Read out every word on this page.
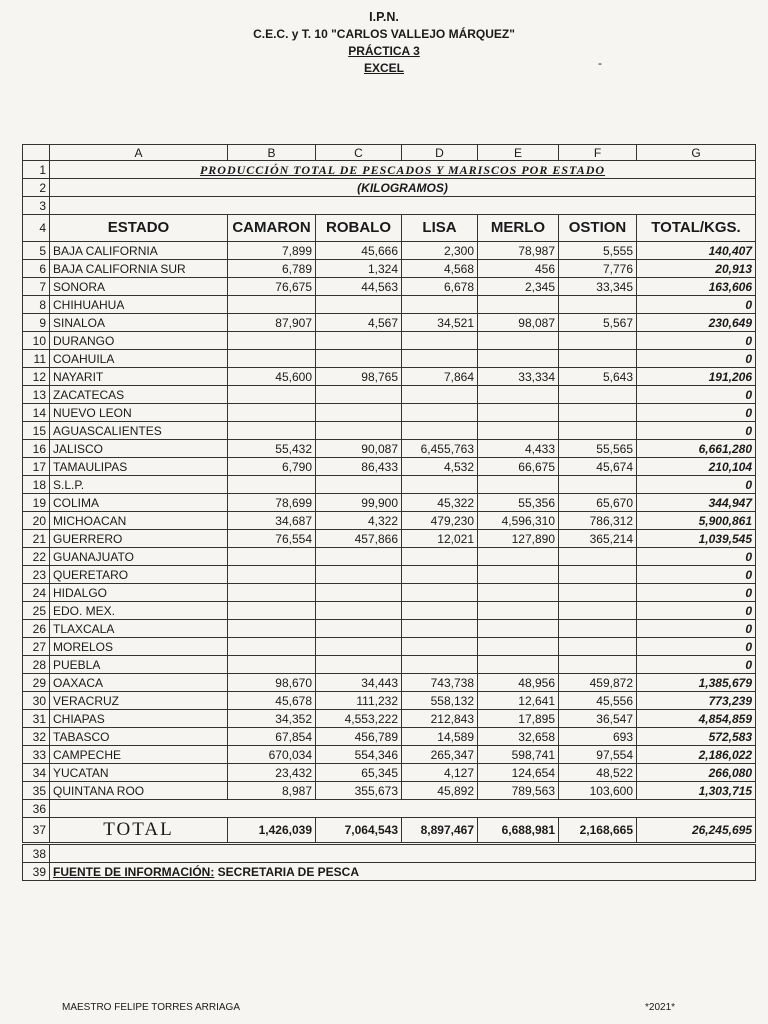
I.P.N.
C.E.C. y T. 10 "CARLOS VALLEJO MÁRQUEZ"
PRÁCTICA 3
EXCEL	-
	A	B	C	D	E	F	G
1	PRODUCCIÓN TOTAL DE PESCADOS Y MARISCOS POR ESTADO						
2	(KILOGRAMOS)						
3							
4	ESTADO	CAMARON	ROBALO	LISA	MERLO	OSTION	TOTAL/KGS.
5	BAJA CALIFORNIA	7,899	45,666	2,300	78,987	5,555	140,407
6	BAJA CALIFORNIA SUR	6,789	1,324	4,568	456	7,776	20,913
7	SONORA	76,675	44,563	6,678	2,345	33,345	163,606
8	CHIHUAHUA						0
9	SINALOA	87,907	4,567	34,521	98,087	5,567	230,649
10	DURANGO						0
11	COAHUILA						0
12	NAYARIT	45,600	98,765	7,864	33,334	5,643	191,206
13	ZACATECAS						0
14	NUEVO LEON						0
15	AGUASCALIENTES						0
16	JALISCO	55,432	90,087	6,455,763	4,433	55,565	6,661,280
17	TAMAULIPAS	6,790	86,433	4,532	66,675	45,674	210,104
18	S.L.P.						0
19	COLIMA	78,699	99,900	45,322	55,356	65,670	344,947
20	MICHOACAN	34,687	4,322	479,230	4,596,310	786,312	5,900,861
21	GUERRERO	76,554	457,866	12,021	127,890	365,214	1,039,545
22	GUANAJUATO						0
23	QUERETARO						0
24	HIDALGO						0
25	EDO. MEX.						0
26	TLAXCALA						0
27	MORELOS						0
28	PUEBLA						0
29	OAXACA	98,670	34,443	743,738	48,956	459,872	1,385,679
30	VERACRUZ	45,678	111,232	558,132	12,641	45,556	773,239
31	CHIAPAS	34,352	4,553,222	212,843	17,895	36,547	4,854,859
32	TABASCO	67,854	456,789	14,589	32,658	693	572,583
33	CAMPECHE	670,034	554,346	265,347	598,741	97,554	2,186,022
34	YUCATAN	23,432	65,345	4,127	124,654	48,522	266,080
35	QUINTANA ROO	8,987	355,673	45,892	789,563	103,600	1,303,715
36							
37	TOTAL	1,426,039	7,064,543	8,897,467	6,688,981	2,168,665	26,245,695
38							
39	FUENTE DE INFORMACIÓN: SECRETARIA DE PESCA						
MAESTRO FELIPE TORRES ARRIAGA	*2021*
